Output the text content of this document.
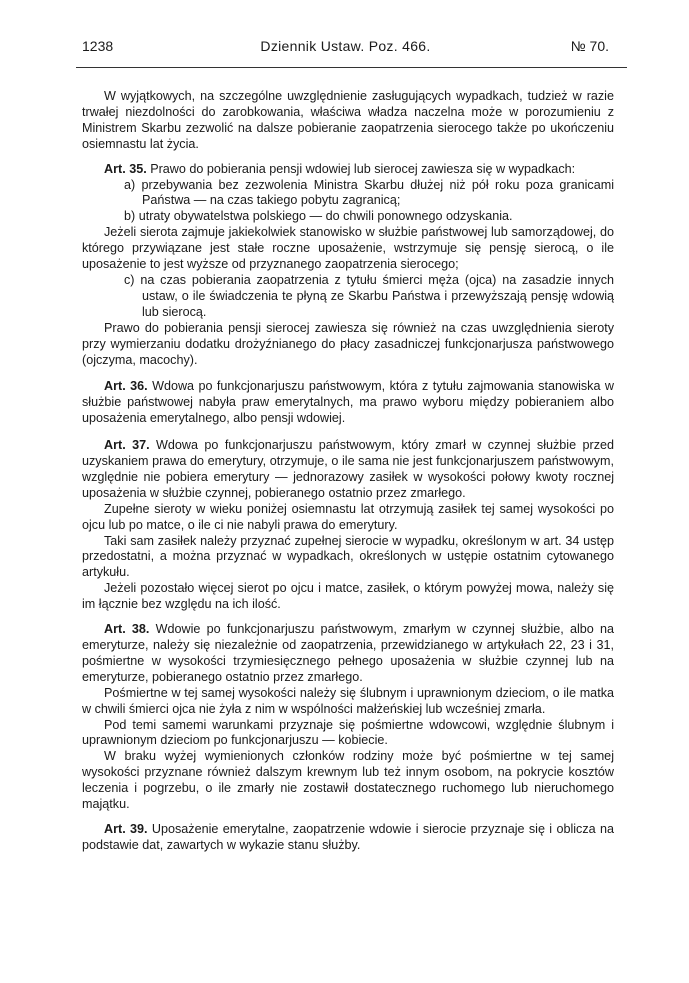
1238	Dziennik Ustaw. Poz. 466.	№ 70.

W wyjątkowych, na szczególne uwzględnienie zasługujących wypadkach, tudzież w razie trwałej niezdolności do zarobkowania, właściwa władza naczelna może w porozumieniu z Ministrem Skarbu zezwolić na dalsze pobieranie zaopatrzenia sierocego także po ukończeniu osiemnastu lat życia.

Art. 35. Prawo do pobierania pensji wdowiej lub sierocej zawiesza się w wypadkach:

a) przebywania bez zezwolenia Ministra Skarbu dłużej niż pół roku poza granicami Państwa — na czas takiego pobytu zagranicą;

b) utraty obywatelstwa polskiego — do chwili ponownego odzyskania.

Jeżeli sierota zajmuje jakiekolwiek stanowisko w służbie państwowej lub samorządowej, do którego przywiązane jest stałe roczne uposażenie, wstrzymuje się pensję sierocą, o ile uposażenie to jest wyższe od przyznanego zaopatrzenia sierocego;

c) na czas pobierania zaopatrzenia z tytułu śmierci męża (ojca) na zasadzie innych ustaw, o ile świadczenia te płyną ze Skarbu Państwa i przewyższają pensję wdowią lub sierocą.

Prawo do pobierania pensji sierocej zawiesza się również na czas uwzględnienia sieroty przy wymierzaniu dodatku drożyźnianego do płacy zasadniczej funkcjonarjusza państwowego (ojczyma, macochy).

Art. 36. Wdowa po funkcjonarjuszu państwowym, która z tytułu zajmowania stanowiska w służbie państwowej nabyła praw emerytalnych, ma prawo wyboru między pobieraniem albo uposażenia emerytalnego, albo pensji wdowiej.

Art. 37. Wdowa po funkcjonarjuszu państwowym, który zmarł w czynnej służbie przed uzyskaniem prawa do emerytury, otrzymuje, o ile sama nie jest funkcjonarjuszem państwowym, względnie nie pobiera emerytury — jednorazowy zasiłek w wysokości połowy kwoty rocznej uposażenia w służbie czynnej, pobieranego ostatnio przez zmarłego.

Zupełne sieroty w wieku poniżej osiemnastu lat otrzymują zasiłek tej samej wysokości po ojcu lub po matce, o ile ci nie nabyli prawa do emerytury.

Taki sam zasiłek należy przyznać zupełnej sierocie w wypadku, określonym w art. 34 ustęp przedostatni, a można przyznać w wypadkach, określonych w ustępie ostatnim cytowanego artykułu.

Jeżeli pozostało więcej sierot po ojcu i matce, zasiłek, o którym powyżej mowa, należy się im łącznie bez względu na ich ilość.

Art. 38. Wdowie po funkcjonarjuszu państwowym, zmarłym w czynnej służbie, albo na emeryturze, należy się niezależnie od zaopatrzenia, przewidzianego w artykułach 22, 23 i 31, pośmiertne w wysokości trzymiesięcznego pełnego uposażenia w służbie czynnej lub na emeryturze, pobieranego ostatnio przez zmarłego.

Pośmiertne w tej samej wysokości należy się ślubnym i uprawnionym dzieciom, o ile matka w chwili śmierci ojca nie żyła z nim w wspólności małżeńskiej lub wcześniej zmarła.

Pod temi samemi warunkami przyznaje się pośmiertne wdowcowi, względnie ślubnym i uprawnionym dzieciom po funkcjonarjuszu — kobiecie.

W braku wyżej wymienionych członków rodziny może być pośmiertne w tej samej wysokości przyznane również dalszym krewnym lub też innym osobom, na pokrycie kosztów leczenia i pogrzebu, o ile zmarły nie zostawił dostatecznego ruchomego lub nieruchomego majątku.

Art. 39. Uposażenie emerytalne, zaopatrzenie wdowie i sierocie przyznaje się i oblicza na podstawie dat, zawartych w wykazie stanu służby.
